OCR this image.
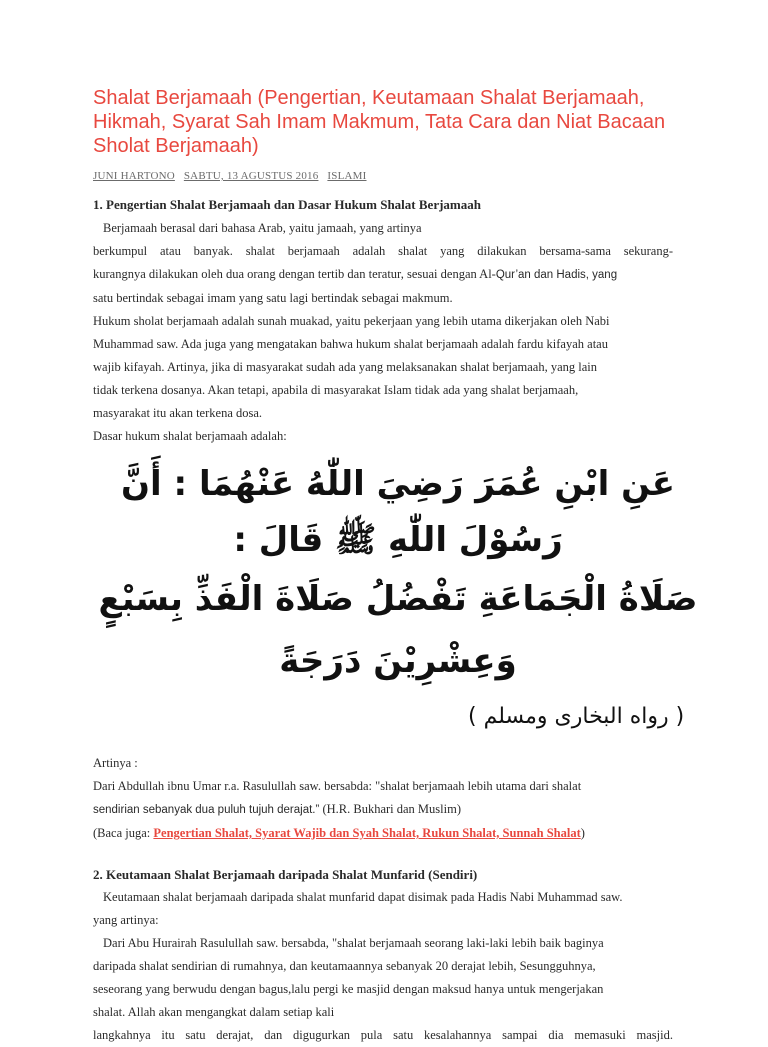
Shalat Berjamaah (Pengertian, Keutamaan Shalat Berjamaah, Hikmah, Syarat Sah Imam Makmum, Tata Cara dan Niat Bacaan Sholat Berjamaah)
JUNI HARTONO SABTU, 13 AGUSTUS 2016 ISLAMI
1. Pengertian Shalat Berjamaah dan Dasar Hukum Shalat Berjamaah

Berjamaah berasal dari bahasa Arab, yaitu jamaah, yang artinya

berkumpul atau banyak. shalat berjamaah adalah shalat yang dilakukan bersama-sama sekurang-

kurangnya dilakukan oleh dua orang dengan tertib dan teratur, sesuai dengan Al-Qur’an dan Hadis, yang

satu bertindak sebagai imam yang satu lagi bertindak sebagai makmum.

Hukum sholat berjamaah adalah sunah muakad, yaitu pekerjaan yang lebih utama dikerjakan oleh Nabi

Muhammad saw. Ada juga yang mengatakan bahwa hukum shalat berjamaah adalah fardu kifayah atau

wajib kifayah. Artinya, jika di masyarakat sudah ada yang melaksanakan shalat berjamaah, yang lain

tidak terkena dosanya. Akan tetapi, apabila di masyarakat Islam tidak ada yang shalat berjamaah,

masyarakat itu akan terkena dosa.

Dasar hukum shalat berjamaah adalah:

عَنِ ابْنِ عُمَرَ رَضِيَ اللّٰهُ عَنْهُمَا : أَنَّ رَسُوْلَ اللّٰهِ ﷺ قَالَ :
صَلَاةُ الْجَمَاعَةِ تَفْضُلُ صَلَاةَ الْفَذِّ بِسَبْعٍ وَعِشْرِيْنَ دَرَجَةً
( رواه البخارى ومسلم )

Artinya :

Dari Abdullah ibnu Umar r.a. Rasulullah saw. bersabda: "shalat berjamaah lebih utama dari shalat

sendirian sebanyak dua puluh tujuh derajat.” (H.R. Bukhari dan Muslim)

(Baca juga: Pengertian Shalat, Syarat Wajib dan Syah Shalat, Rukun Shalat, Sunnah Shalat)

2. Keutamaan Shalat Berjamaah daripada Shalat Munfarid (Sendiri)

Keutamaan shalat berjamaah daripada shalat munfarid dapat disimak pada Hadis Nabi Muhammad saw.

yang artinya:

Dari Abu Hurairah Rasulullah saw. bersabda, "shalat berjamaah seorang laki-laki lebih baik baginya

daripada shalat sendirian di rumahnya, dan keutamaannya sebanyak 20 derajat lebih, Sesungguhnya,

seseorang yang berwudu dengan bagus,lalu pergi ke masjid dengan maksud hanya untuk mengerjakan

shalat. Allah akan mengangkat dalam setiap kali

langkahnya itu satu derajat, dan digugurkan pula satu kesalahannya sampai dia memasuki masjid.
